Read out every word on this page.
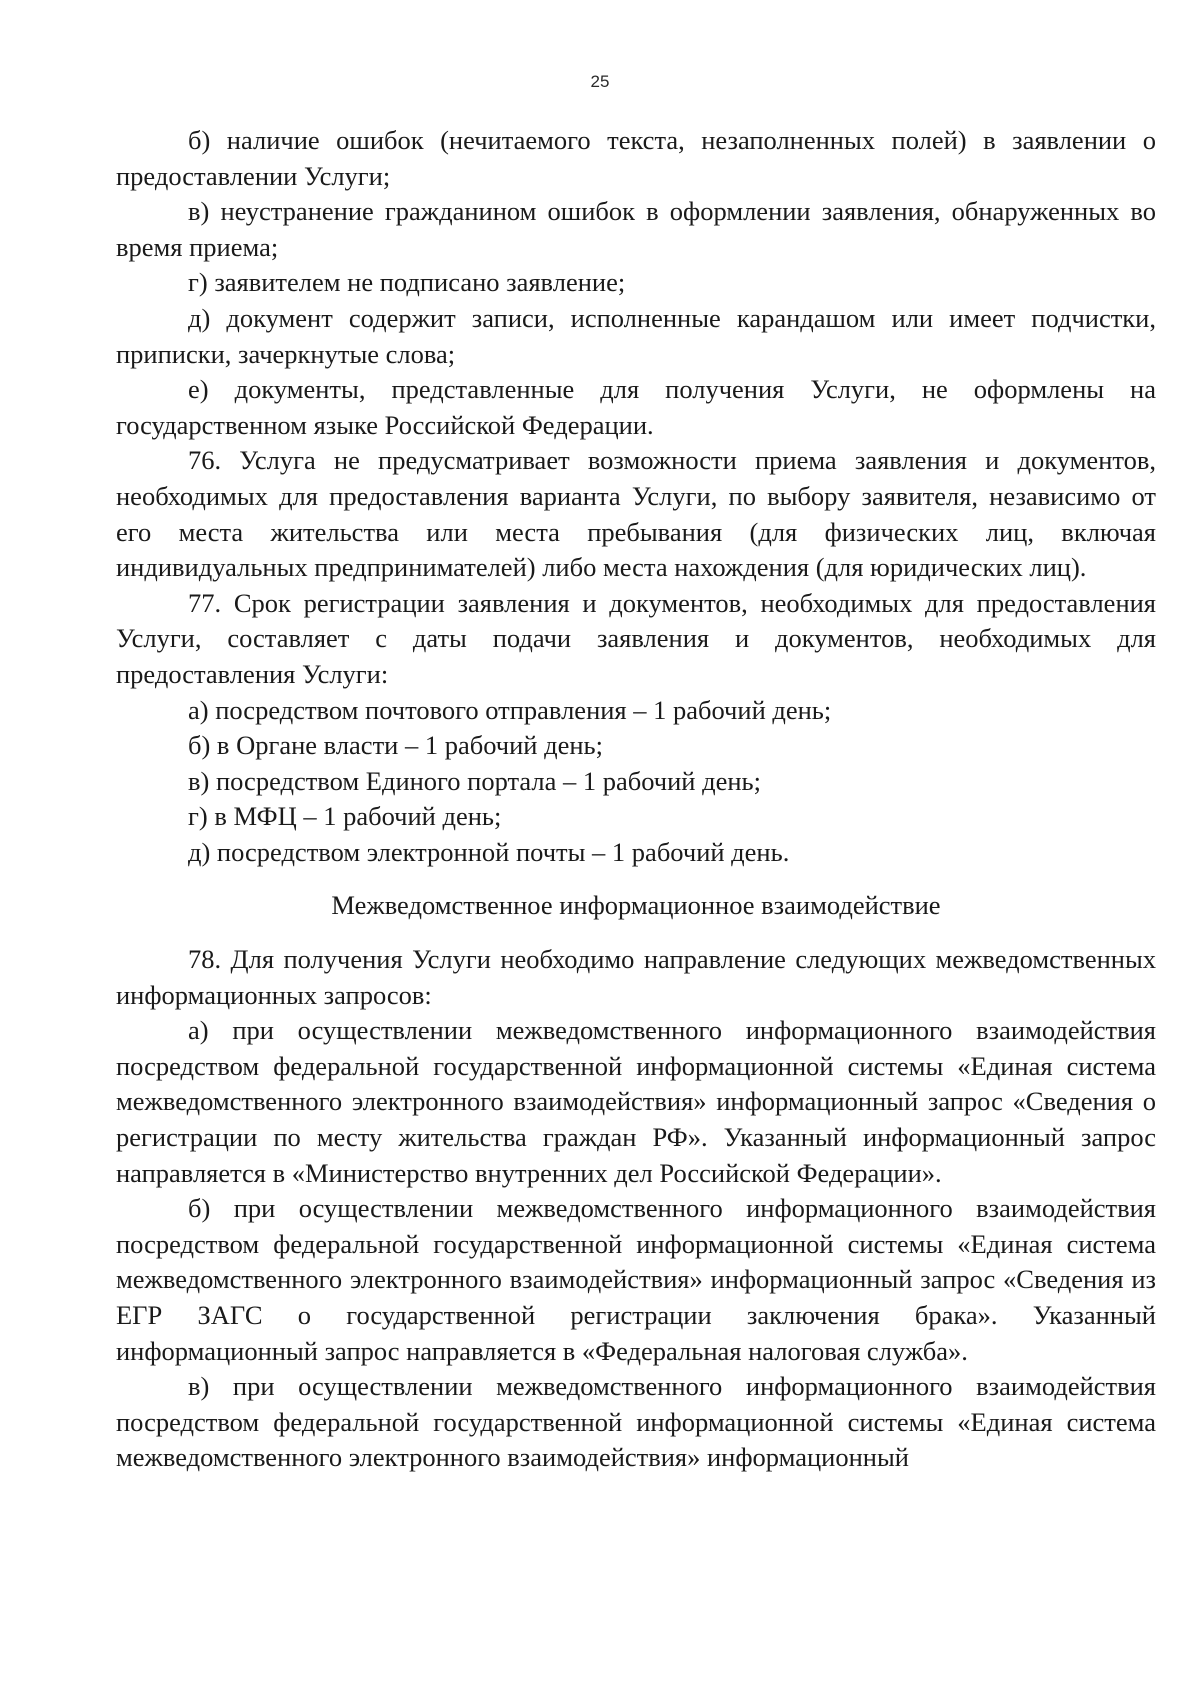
25

б) наличие ошибок (нечитаемого текста, незаполненных полей) в заявлении о предоставлении Услуги;

в) неустранение гражданином ошибок в оформлении заявления, обнаруженных во время приема;

г) заявителем не подписано заявление;

д) документ содержит записи, исполненные карандашом или имеет подчистки, приписки, зачеркнутые слова;

е) документы, представленные для получения Услуги, не оформлены на государственном языке Российской Федерации.

76. Услуга не предусматривает возможности приема заявления и документов, необходимых для предоставления варианта Услуги, по выбору заявителя, независимо от его места жительства или места пребывания (для физических лиц, включая индивидуальных предпринимателей) либо места нахождения (для юридических лиц).

77. Срок регистрации заявления и документов, необходимых для предоставления Услуги, составляет с даты подачи заявления и документов, необходимых для предоставления Услуги:

а) посредством почтового отправления – 1 рабочий день;

б) в Органе власти – 1 рабочий день;

в) посредством Единого портала – 1 рабочий день;

г) в МФЦ – 1 рабочий день;

д) посредством электронной почты – 1 рабочий день.

Межведомственное информационное взаимодействие

78. Для получения Услуги необходимо направление следующих межведомственных информационных запросов:

а) при осуществлении межведомственного информационного взаимодействия посредством федеральной государственной информационной системы «Единая система межведомственного электронного взаимодействия» информационный запрос «Сведения о регистрации по месту жительства граждан РФ». Указанный информационный запрос направляется в «Министерство внутренних дел Российской Федерации».

б) при осуществлении межведомственного информационного взаимодействия посредством федеральной государственной информационной системы «Единая система межведомственного электронного взаимодействия» информационный запрос «Сведения из ЕГР ЗАГС о государственной регистрации заключения брака». Указанный информационный запрос направляется в «Федеральная налоговая служба».

в) при осуществлении межведомственного информационного взаимодействия посредством федеральной государственной информационной системы «Единая система межведомственного электронного взаимодействия» информационный
